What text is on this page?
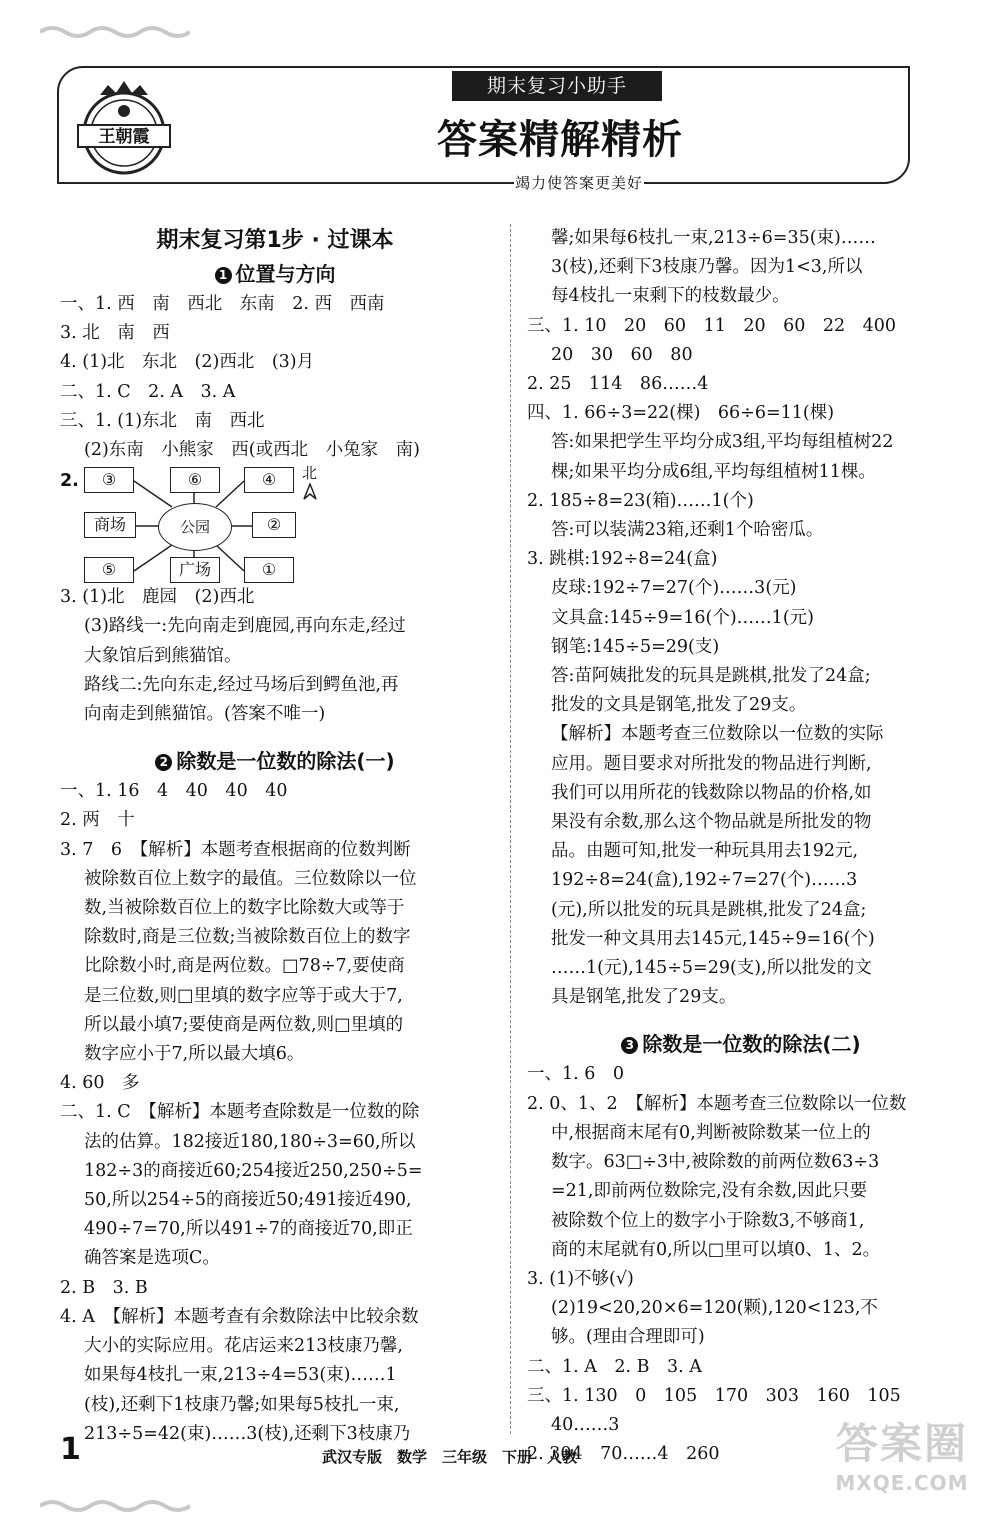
王朝霞
期末复习小助手
答案精解精析
竭力使答案更美好
期末复习第1步 · 过课本
1 位置与方向
一、1. 西　南　西北　东南　2. 西　西南
3. 北　南　西
4. (1)北　东北　(2)西北　(3)月
二、1. C　2. A　3. A
三、1. (1)东北　南　西北
(2)东南　小熊家　西(或西北　小兔家　南)
2.	③	⑥	④
商场	公园	②
⑤	广场	①
北
3. (1)北　鹿园　(2)西北
(3)路线一:先向南走到鹿园,再向东走,经过
大象馆后到熊猫馆。
路线二:先向东走,经过马场后到鳄鱼池,再
向南走到熊猫馆。(答案不唯一)
2 除数是一位数的除法(一)
一、1. 16　4　40　40　40
2. 两　十
3. 7　6　【解析】本题考查根据商的位数判断
被除数百位上数字的最值。三位数除以一位
数,当被除数百位上的数字比除数大或等于
除数时,商是三位数;当被除数百位上的数字
比除数小时,商是两位数。□78÷7,要使商
是三位数,则□里填的数字应等于或大于7,
所以最小填7;要使商是两位数,则□里填的
数字应小于7,所以最大填6。
4. 60　多
二、1. C　【解析】本题考查除数是一位数的除
法的估算。182接近180,180÷3=60,所以
182÷3的商接近60;254接近250,250÷5=
50,所以254÷5的商接近50;491接近490,
490÷7=70,所以491÷7的商接近70,即正
确答案是选项C。
2. B　3. B
4. A　【解析】本题考查有余数除法中比较余数
大小的实际应用。花店运来213枝康乃馨,
如果每4枝扎一束,213÷4=53(束)……1
(枝),还剩下1枝康乃馨;如果每5枝扎一束,
213÷5=42(束)……3(枝),还剩下3枝康乃
馨;如果每6枝扎一束,213÷6=35(束)……
3(枝),还剩下3枝康乃馨。因为1<3,所以
每4枝扎一束剩下的枝数最少。
三、1. 10　20　60　11　20　60　22　400
20　30　60　80
2. 25　114　86……4
四、1. 66÷3=22(棵)　66÷6=11(棵)
答:如果把学生平均分成3组,平均每组植树22
棵;如果平均分成6组,平均每组植树11棵。
2. 185÷8=23(箱)……1(个)
答:可以装满23箱,还剩1个哈密瓜。
3. 跳棋:192÷8=24(盒)
皮球:192÷7=27(个)……3(元)
文具盒:145÷9=16(个)……1(元)
钢笔:145÷5=29(支)
答:苗阿姨批发的玩具是跳棋,批发了24盒;
批发的文具是钢笔,批发了29支。
【解析】本题考查三位数除以一位数的实际
应用。题目要求对所批发的物品进行判断,
我们可以用所花的钱数除以物品的价格,如
果没有余数,那么这个物品就是所批发的物
品。由题可知,批发一种玩具用去192元,
192÷8=24(盒),192÷7=27(个)……3
(元),所以批发的玩具是跳棋,批发了24盒;
批发一种文具用去145元,145÷9=16(个)
……1(元),145÷5=29(支),所以批发的文
具是钢笔,批发了29支。
3 除数是一位数的除法(二)
一、1. 6　0
2. 0、1、2　【解析】本题考查三位数除以一位数
中,根据商末尾有0,判断被除数某一位上的
数字。63□÷3中,被除数的前两位数63÷3
=21,即前两位数除完,没有余数,因此只要
被除数个位上的数字小于除数3,不够商1,
商的末尾就有0,所以□里可以填0、1、2。
3. (1)不够(√)
(2)19<20,20×6=120(颗),120<123,不
够。(理由合理即可)
二、1. A　2. B　3. A
三、1. 130　0　105　170　303　160　105
40……3
2. 304　70……4　260
1	武汉专版　数学　三年级　下册　人教	答案圈
MXQE.COM
